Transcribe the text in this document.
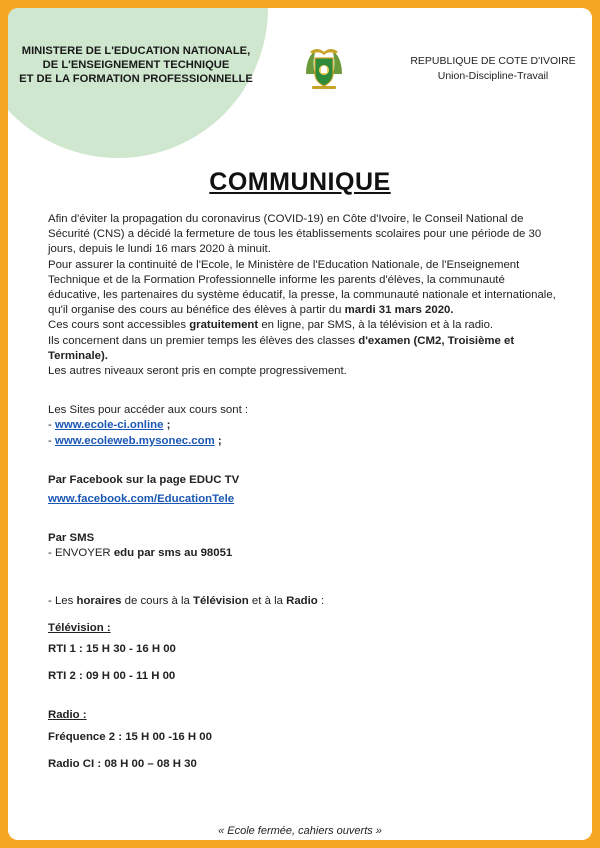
MINISTERE DE L'EDUCATION NATIONALE,
DE L'ENSEIGNEMENT TECHNIQUE
ET DE LA FORMATION PROFESSIONNELLE
REPUBLIQUE DE COTE D'IVOIRE
Union-Discipline-Travail
COMMUNIQUE

Afin d'éviter la propagation du coronavirus (COVID-19) en Côte d'Ivoire, le Conseil National de Sécurité (CNS) a décidé la fermeture de tous les établissements scolaires pour une période de 30 jours, depuis le lundi 16 mars 2020 à minuit.

Pour assurer la continuité de l'Ecole, le Ministère de l'Education Nationale, de l'Enseignement Technique et de la Formation Professionnelle informe les parents d'élèves, la communauté éducative, les partenaires du système éducatif, la presse, la communauté nationale et internationale, qu'il organise des cours au bénéfice des élèves à partir du mardi 31 mars 2020.

Ces cours sont accessibles gratuitement en ligne, par SMS, à la télévision et à la radio.

Ils concernent dans un premier temps les élèves des classes d'examen (CM2, Troisième et Terminale).

Les autres niveaux seront pris en compte progressivement.

Les Sites pour accéder aux cours sont :

- www.ecole-ci.online ;

- www.ecoleweb.mysonec.com ;

Par Facebook sur la page EDUC TV

www.facebook.com/EducationTele

Par SMS

- ENVOYER edu par sms au 98051

- Les horaires de cours à la Télévision et à la Radio :

Télévision :

RTI 1 : 15 H 30 - 16 H 00

RTI 2 : 09 H 00 - 11 H 00

Radio :

Fréquence 2 : 15 H 00 -16 H 00

Radio CI : 08 H 00 – 08 H 30

« Ecole fermée, cahiers ouverts »
